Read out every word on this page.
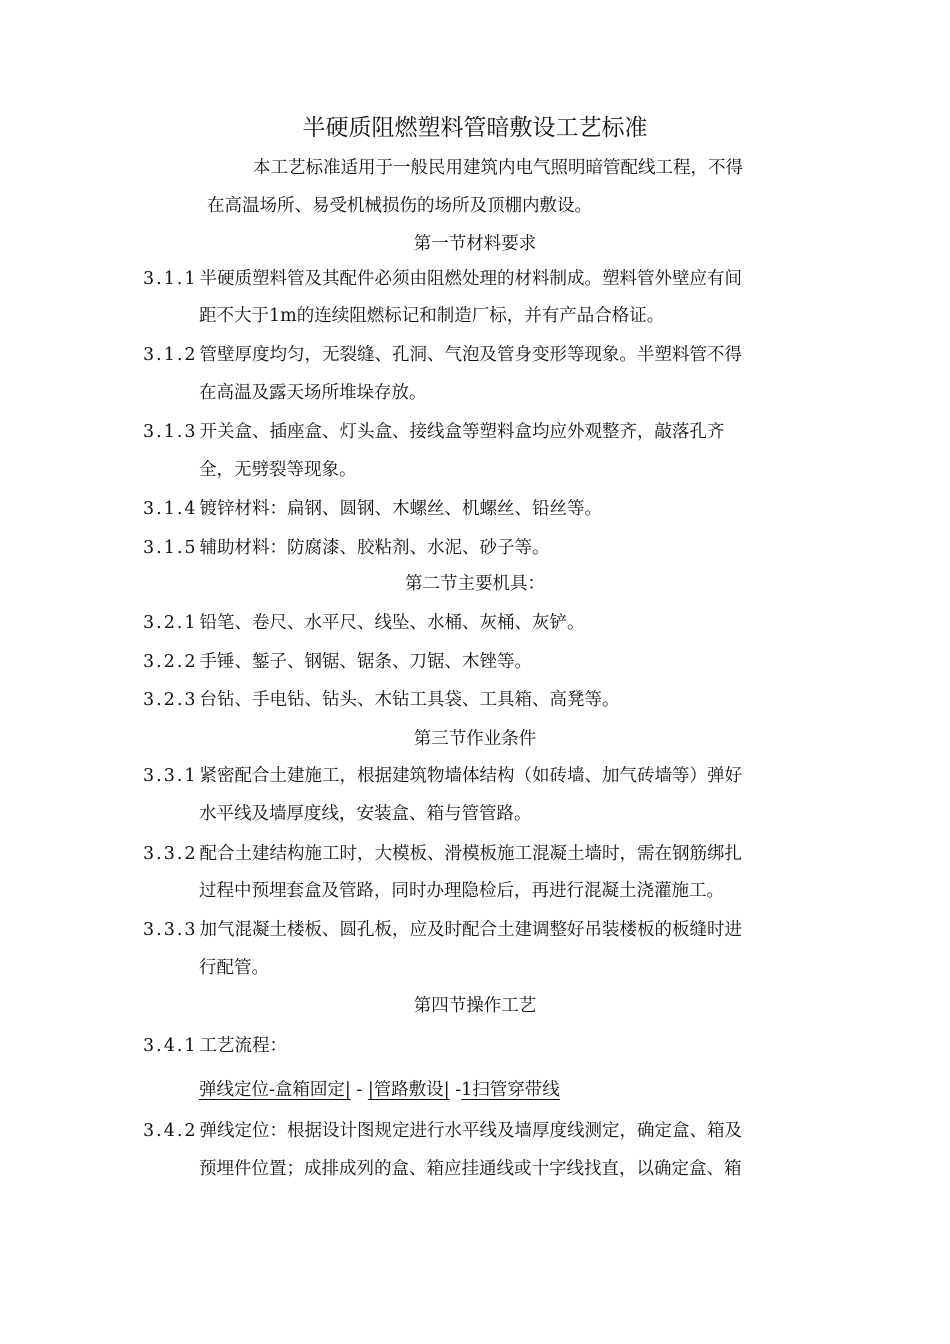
半硬质阻燃塑料管暗敷设工艺标准
本工艺标准适用于一般民用建筑内电气照明暗管配线工程，不得
在高温场所、易受机械损伤的场所及顶棚内敷设。
第一节材料要求
3.1.1 半硬质塑料管及其配件必须由阻燃处理的材料制成。塑料管外壁应有间
距不大于1m的连续阻燃标记和制造厂标，并有产品合格证。
3.1.2 管壁厚度均匀，无裂缝、孔洞、气泡及管身变形等现象。半塑料管不得
在高温及露天场所堆垛存放。
3.1.3 开关盒、插座盒、灯头盒、接线盒等塑料盒均应外观整齐，敲落孔齐
全，无劈裂等现象。
3.1.4 镀锌材料：扁钢、圆钢、木螺丝、机螺丝、铅丝等。
3.1.5 辅助材料：防腐漆、胶粘剂、水泥、砂子等。
第二节主要机具：
3.2.1 铅笔、卷尺、水平尺、线坠、水桶、灰桶、灰铲。
3.2.2 手锤、錾子、钢锯、锯条、刀锯、木锉等。
3.2.3 台钻、手电钻、钻头、木钻工具袋、工具箱、高凳等。
第三节作业条件
3.3.1 紧密配合土建施工，根据建筑物墙体结构（如砖墙、加气砖墙等）弹好
水平线及墙厚度线，安装盒、箱与管管路。
3.3.2 配合土建结构施工时，大模板、滑模板施工混凝土墙时，需在钢筋绑扎
过程中预埋套盒及管路，同时办理隐检后，再进行混凝土浇灌施工。
3.3.3 加气混凝土楼板、圆孔板，应及时配合土建调整好吊装楼板的板缝时进
行配管。
第四节操作工艺
3.4.1 工艺流程：
弹线定位-盒箱固定| - |管路敷设| -1扫管穿带线
3.4.2 弹线定位：根据设计图规定进行水平线及墙厚度线测定，确定盒、箱及
预埋件位置；成排成列的盒、箱应挂通线或十字线找直，以确定盒、箱
